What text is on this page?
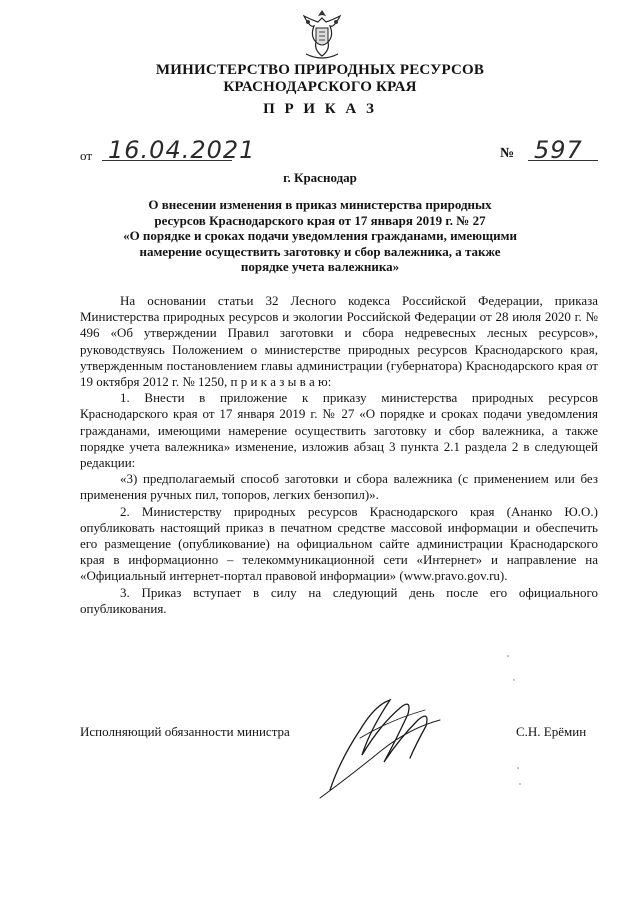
МИНИСТЕРСТВО ПРИРОДНЫХ РЕСУРСОВ
КРАСНОДАРСКОГО КРАЯ
П Р И К А З
от 16.04.2021	№ 597
г. Краснодар
О внесении изменения в приказ министерства природных
ресурсов Краснодарского края от 17 января 2019 г. № 27
«О порядке и сроках подачи уведомления гражданами, имеющими
намерение осуществить заготовку и сбор валежника, а также
порядке учета валежника»

На основании статьи 32 Лесного кодекса Российской Федерации, приказа Министерства природных ресурсов и экологии Российской Федерации от 28 июля 2020 г. № 496 «Об утверждении Правил заготовки и сбора недревесных лесных ресурсов», руководствуясь Положением о министерстве природных ресурсов Краснодарского края, утвержденным постановлением главы администрации (губернатора) Краснодарского края от 19 октября 2012 г. № 1250, п р и к а з ы в а ю:

1. Внести в приложение к приказу министерства природных ресурсов Краснодарского края от 17 января 2019 г. № 27 «О порядке и сроках подачи уведомления гражданами, имеющими намерение осуществить заготовку и сбор валежника, а также порядке учета валежника» изменение, изложив абзац 3 пункта 2.1 раздела 2 в следующей редакции:

«3) предполагаемый способ заготовки и сбора валежника (с применением или без применения ручных пил, топоров, легких бензопил)».

2. Министерству природных ресурсов Краснодарского края (Ананко Ю.О.) опубликовать настоящий приказ в печатном средстве массовой информации и обеспечить его размещение (опубликование) на официальном сайте администрации Краснодарского края в информационно – телекоммуникационной сети «Интернет» и направление на «Официальный интернет-портал правовой информации» (www.pravo.gov.ru).

3. Приказ вступает в силу на следующий день после его официального опубликования.

Исполняющий обязанности министра	С.Н. Ерёмин
